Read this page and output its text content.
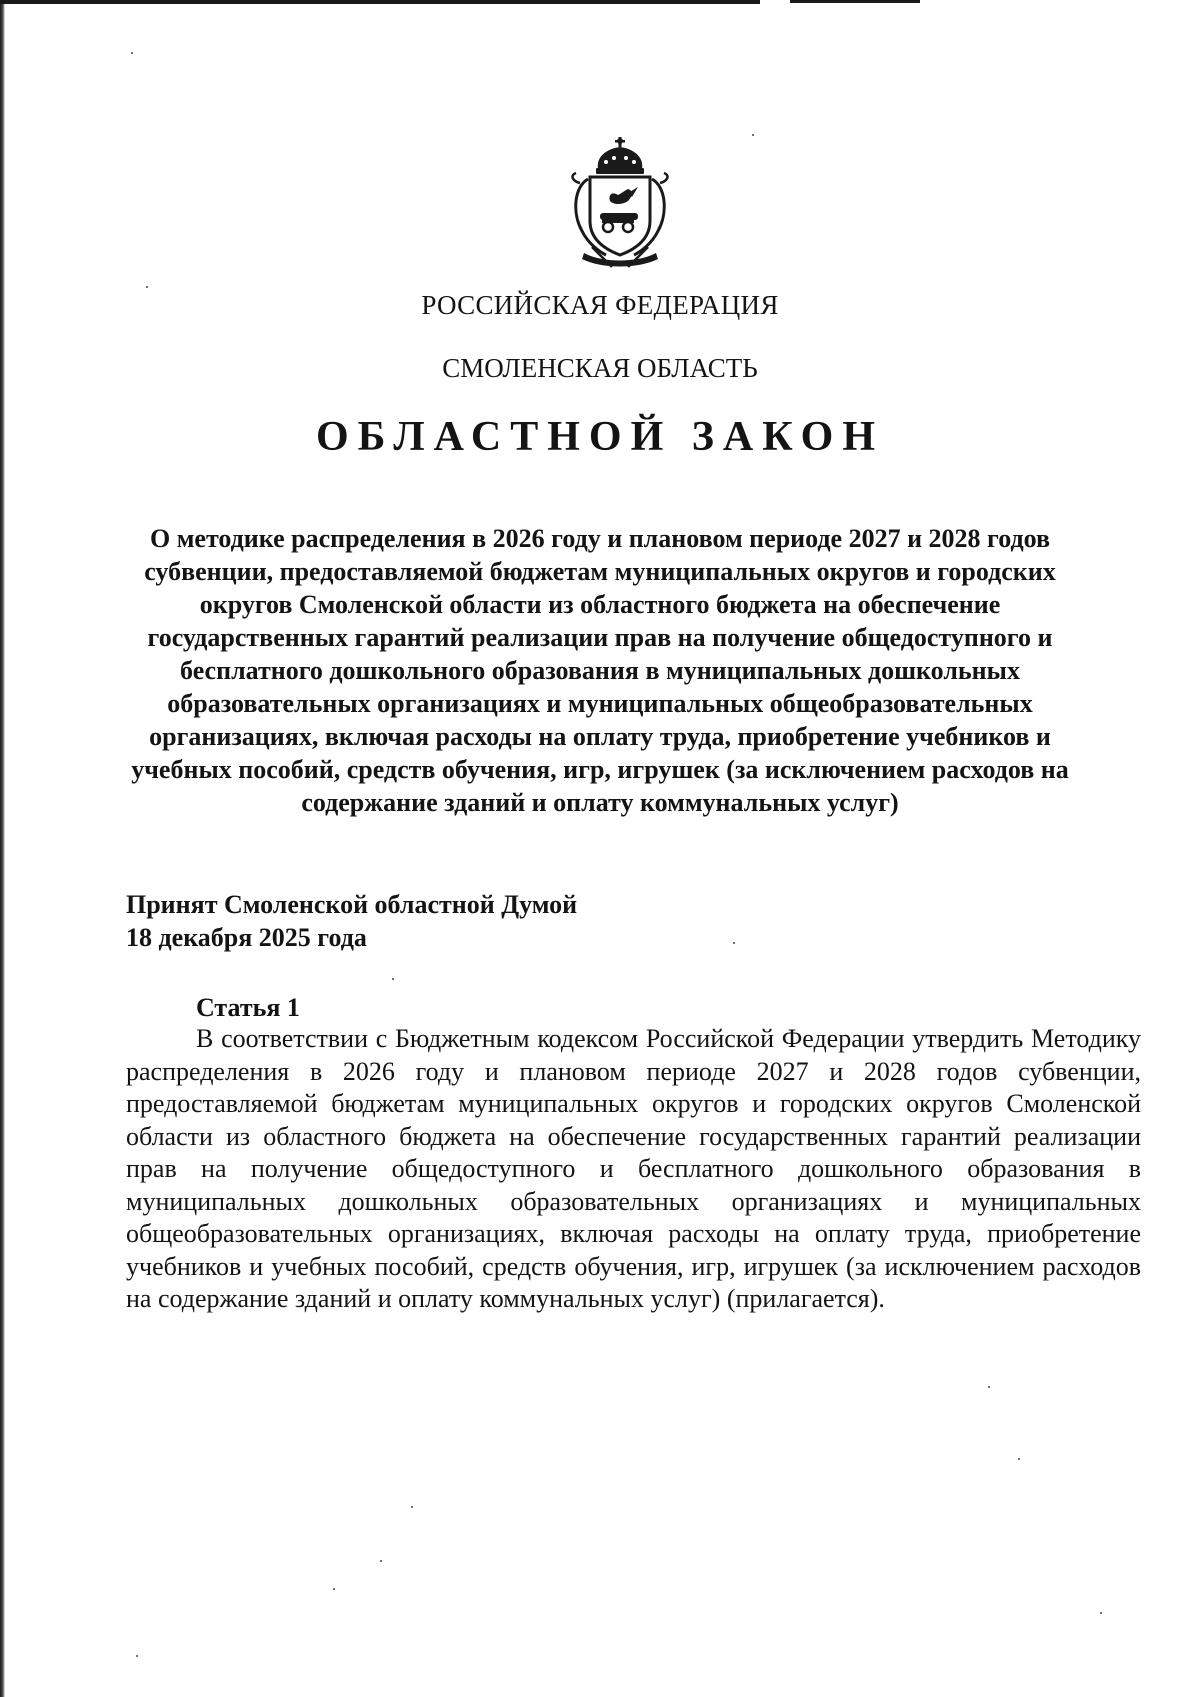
РОССИЙСКАЯ ФЕДЕРАЦИЯ
СМОЛЕНСКАЯ ОБЛАСТЬ
ОБЛАСТНОЙ ЗАКОН
О методике распределения в 2026 году и плановом периоде 2027 и 2028 годов субвенции, предоставляемой бюджетам муниципальных округов и городских округов Смоленской области из областного бюджета на обеспечение государственных гарантий реализации прав на получение общедоступного и бесплатного дошкольного образования в муниципальных дошкольных образовательных организациях и муниципальных общеобразовательных организациях, включая расходы на оплату труда, приобретение учебников и учебных пособий, средств обучения, игр, игрушек (за исключением расходов на содержание зданий и оплату коммунальных услуг)
Принят Смоленской областной Думой
18 декабря 2025 года
Статья 1
В соответствии с Бюджетным кодексом Российской Федерации утвердить Методику распределения в 2026 году и плановом периоде 2027 и 2028 годов субвенции, предоставляемой бюджетам муниципальных округов и городских округов Смоленской области из областного бюджета на обеспечение государственных гарантий реализации прав на получение общедоступного и бесплатного дошкольного образования в муниципальных дошкольных образовательных организациях и муниципальных общеобразовательных организациях, включая расходы на оплату труда, приобретение учебников и учебных пособий, средств обучения, игр, игрушек (за исключением расходов на содержание зданий и оплату коммунальных услуг) (прилагается).
